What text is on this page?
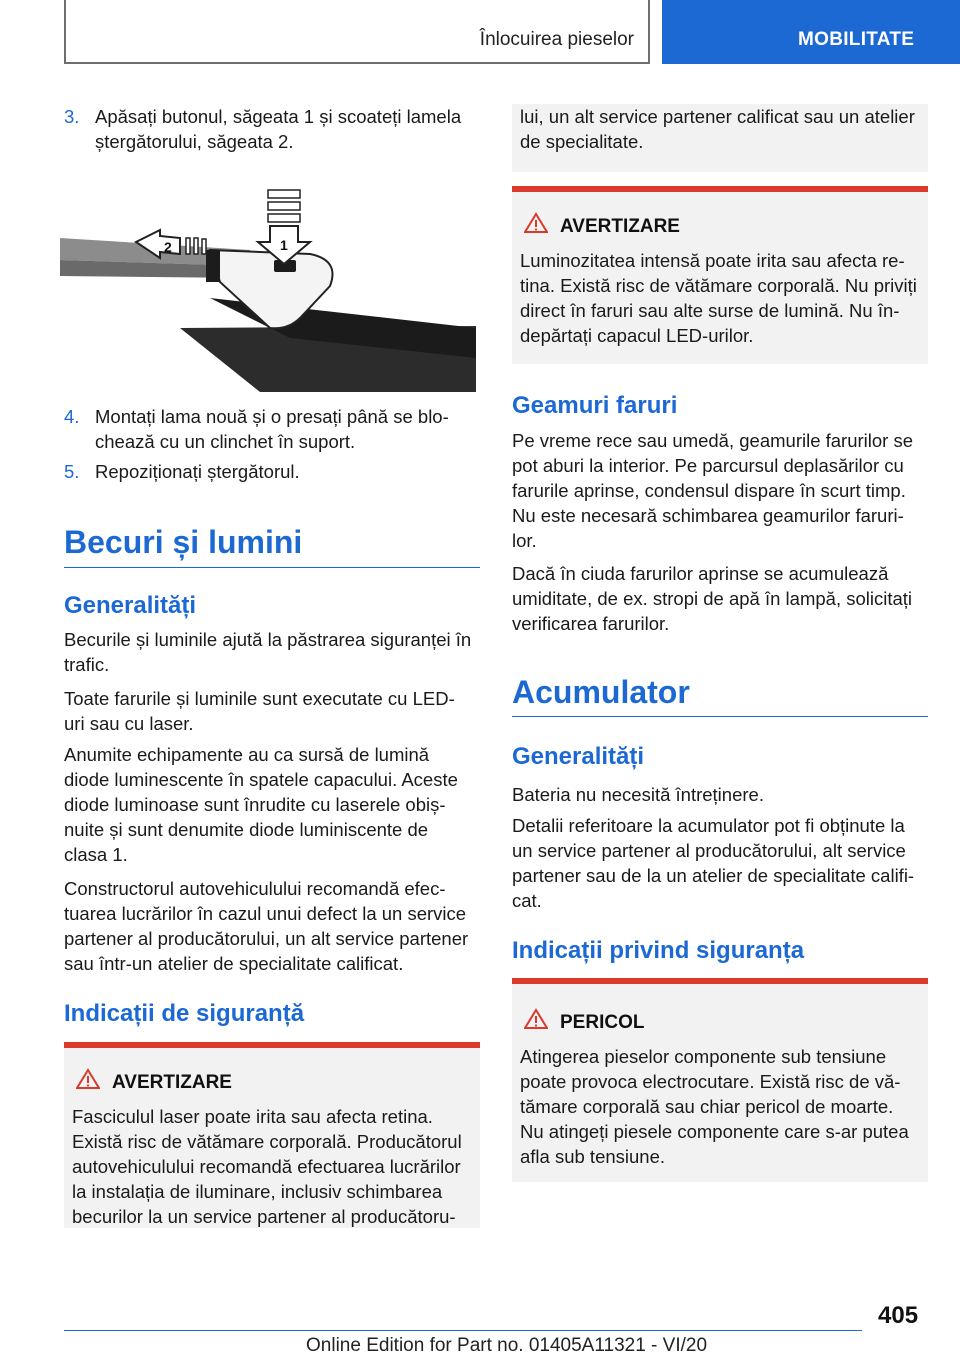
Înlocuirea pieselor	MOBILITATE
3. Apăsați butonul, săgeata 1 și scoateți lamela
ștergătorului, săgeata 2.
2	1
4. Montați lama nouă și o presați până se blo-
chează cu un clinchet în suport.
5. Repoziționați ștergătorul.
Becuri și lumini
Generalități
Becurile și luminile ajută la păstrarea siguranței în
trafic.
Toate farurile și luminile sunt executate cu LED-
uri sau cu laser.
Anumite echipamente au ca sursă de lumină
diode luminescente în spatele capacului. Aceste
diode luminoase sunt înrudite cu laserele obiș-
nuite și sunt denumite diode luminiscente de
clasa 1.
Constructorul autovehiculului recomandă efec-
tuarea lucrărilor în cazul unui defect la un service
partener al producătorului, un alt service partener
sau într-un atelier de specialitate calificat.
Indicații de siguranță
AVERTIZARE
Fasciculul laser poate irita sau afecta retina.
Există risc de vătămare corporală. Producătorul
autovehiculului recomandă efectuarea lucrărilor
la instalația de iluminare, inclusiv schimbarea
becurilor la un service partener al producătoru-
lui, un alt service partener calificat sau un atelier
de specialitate.
AVERTIZARE
Luminozitatea intensă poate irita sau afecta re-
tina. Există risc de vătămare corporală. Nu priviți
direct în faruri sau alte surse de lumină. Nu în-
depărtați capacul LED-urilor.
Geamuri faruri
Pe vreme rece sau umedă, geamurile farurilor se
pot aburi la interior. Pe parcursul deplasărilor cu
farurile aprinse, condensul dispare în scurt timp.
Nu este necesară schimbarea geamurilor faruri-
lor.
Dacă în ciuda farurilor aprinse se acumulează
umiditate, de ex. stropi de apă în lampă, solicitați
verificarea farurilor.
Acumulator
Generalități
Bateria nu necesită întreținere.
Detalii referitoare la acumulator pot fi obținute la
un service partener al producătorului, alt service
partener sau de la un atelier de specialitate califi-
cat.
Indicații privind siguranța
PERICOL
Atingerea pieselor componente sub tensiune
poate provoca electrocutare. Există risc de vă-
tămare corporală sau chiar pericol de moarte.
Nu atingeți piesele componente care s-ar putea
afla sub tensiune.
405
Online Edition for Part no. 01405A11321 - VI/20
